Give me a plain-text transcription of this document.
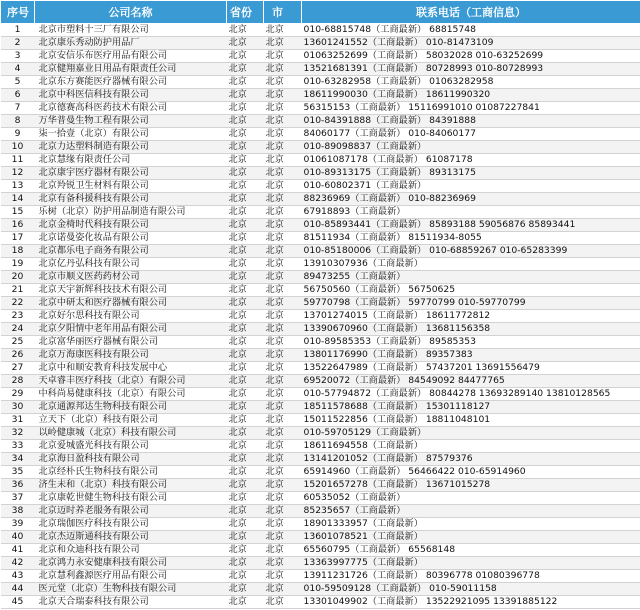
序号	公司名称	省份	市	联系电话（工商信息）
1	北京市塑料十三厂有限公司	北京	北京	010-68815748（工商最新） 68815748
2	北京康乐秀动防护用品厂	北京	北京	13601241552（工商最新） 010-81473109
3	北京安信乐布医疗用品有限公司	北京	北京	01063252699（工商最新） 58032028 010-63252699
4	北京健翔嘉业日用品有限责任公司	北京	北京	13521681391（工商最新） 80728993 010-80728993
5	北京东方赛能医疗器械有限公司	北京	北京	010-63282958（工商最新） 01063282958
6	北京中科医信科技有限公司	北京	北京	18611990030（工商最新） 18611990320
7	北京德赛高科医药技术有限公司	北京	北京	56315153（工商最新） 15116991010 01087227841
8	万华普曼生物工程有限公司	北京	北京	010-84391888（工商最新） 84391888
9	柒一拾壹（北京）有限公司	北京	北京	84060177（工商最新） 010-84060177
10	北京力达塑料制造有限公司	北京	北京	010-89098837（工商最新）
11	北京慧缘有限责任公司	北京	北京	01061087178（工商最新） 61087178
12	北京康宇医疗器材有限公司	北京	北京	010-89313175（工商最新） 89313175
13	北京羚锐卫生材料有限公司	北京	北京	010-60802371（工商最新）
14	北京有备科援科技有限公司	北京	北京	88236969（工商最新） 010-88236969
15	乐树（北京）防护用品制造有限公司	北京	北京	67918893（工商最新）
16	北京金椅时代科技有限公司	北京	北京	010-85893441（工商最新） 85893188 59056876 85893441
17	北京诺曼姿化妆品有限公司	北京	北京	81511934（工商最新） 81511934-8055
18	北京都乐电子商务有限公司	北京	北京	010-85180006（工商最新） 010-68859267 010-65283399
19	北京亿丹弘科技有限公司	北京	北京	13910307936（工商最新）
20	北京市顺义医药药材公司	北京	北京	89473255（工商最新）
21	北京天宇新辉科技技术有限公司	北京	北京	56750560（工商最新） 56750625
22	北京中研太和医疗器械有限公司	北京	北京	59770798（工商最新） 59770799 010-59770799
23	北京好尔思科技有限公司	北京	北京	13701274015（工商最新） 18611772812
24	北京夕阳情中老年用品有限公司	北京	北京	13390670960（工商最新） 13681156358
25	北京富华丽医疗器械有限公司	北京	北京	010-89585353（工商最新） 89585353
26	北京万海康医科技有限公司	北京	北京	13801176990（工商最新） 89357383
27	北京中和顺安教育科技发展中心	北京	北京	13522647989（工商最新） 57437201 13691556479
28	天卓睿丰医疗科技（北京）有限公司	北京	北京	69520072（工商最新） 84549092 84477765
29	中科尚易健康科技（北京）有限公司	北京	北京	010-57794872（工商最新） 80844278 13693289140 13810128565
30	北京通源邦达生物科技有限公司	北京	北京	18511578688（工商最新） 15301118127
31	立天下（北京）科技有限公司	北京	北京	15011522856（工商最新） 18811048101
32	以岭健康城（北京）科技有限公司	北京	北京	010-59705129（工商最新）
33	北京爱城盛光科技有限公司	北京	北京	18611694558（工商最新）
34	北京海日盈科技有限公司	北京	北京	13141201052（工商最新） 87579376
35	北京经朴氏生物科技有限公司	北京	北京	65914960（工商最新） 56466422 010-65914960
36	济生未和（北京）科技有限公司	北京	北京	15201657278（工商最新） 13671015278
37	北京康乾世健生物科技有限公司	北京	北京	60535052（工商最新）
38	北京迈时养老服务有限公司	北京	北京	85235657（工商最新）
39	北京瑞伽医疗科技有限公司	北京	北京	18901333957（工商最新）
40	北京杰迈斯通科技有限公司	北京	北京	13601078521（工商最新）
41	北京和众迪科技有限公司	北京	北京	65560795（工商最新） 65568148
42	北京鸿力永安健康科技有限公司	北京	北京	13363997775（工商最新）
43	北京慧利鑫源医疗用品有限公司	北京	北京	13911231726（工商最新） 80396778 01080396778
44	医元堂（北京）生物科技有限公司	北京	北京	010-59509128（工商最新） 010-59011158
45	北京天合瑞泰科技有限公司	北京	北京	13301049902（工商最新） 13522921095 13391885122
